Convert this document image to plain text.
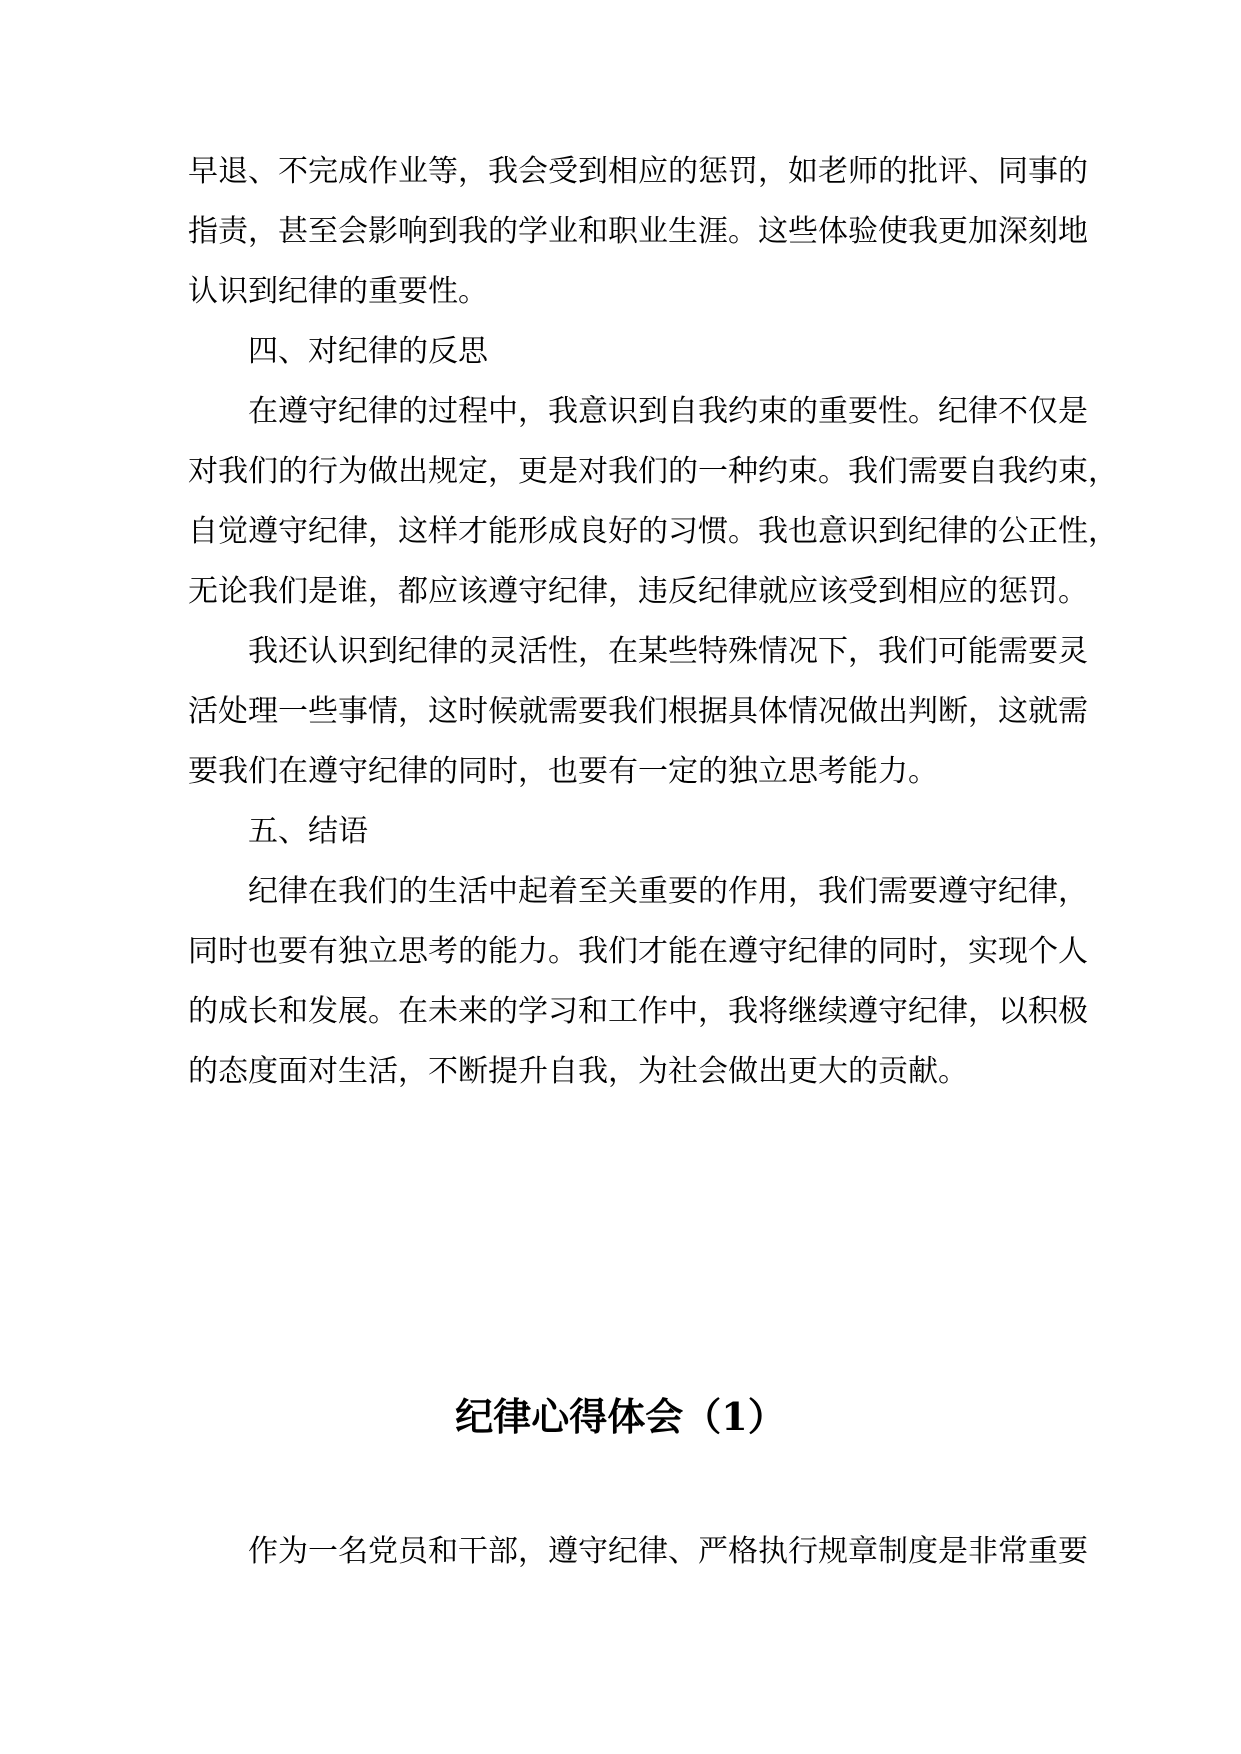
早退、不完成作业等，我会受到相应的惩罚，如老师的批评、同事的
指责，甚至会影响到我的学业和职业生涯。这些体验使我更加深刻地
认识到纪律的重要性。
四、对纪律的反思
在遵守纪律的过程中，我意识到自我约束的重要性。纪律不仅是
对我们的行为做出规定，更是对我们的一种约束。我们需要自我约束，
自觉遵守纪律，这样才能形成良好的习惯。我也意识到纪律的公正性，
无论我们是谁，都应该遵守纪律，违反纪律就应该受到相应的惩罚。
我还认识到纪律的灵活性，在某些特殊情况下，我们可能需要灵
活处理一些事情，这时候就需要我们根据具体情况做出判断，这就需
要我们在遵守纪律的同时，也要有一定的独立思考能力。
五、结语
纪律在我们的生活中起着至关重要的作用，我们需要遵守纪律，
同时也要有独立思考的能力。我们才能在遵守纪律的同时，实现个人
的成长和发展。在未来的学习和工作中，我将继续遵守纪律，以积极
的态度面对生活，不断提升自我，为社会做出更大的贡献。
纪律心得体会（1）
作为一名党员和干部，遵守纪律、严格执行规章制度是非常重要
